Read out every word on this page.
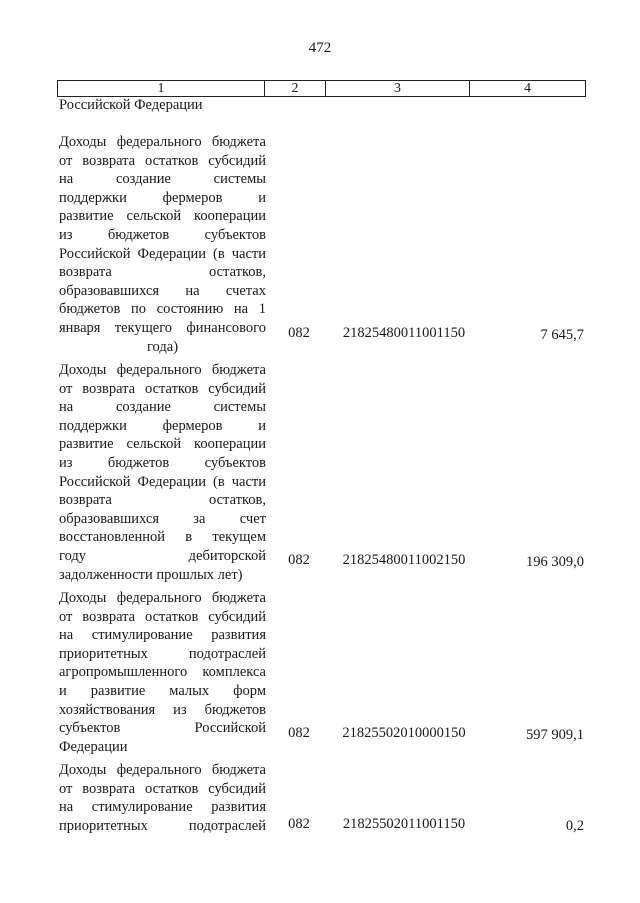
472
1	2	3	4
Российской Федерации
Доходы федерального бюджета
от возврата остатков субсидий
на создание системы
поддержки фермеров и
развитие сельской кооперации
из бюджетов субъектов
Российской Федерации (в части
возврата остатков,
образовавшихся на счетах
бюджетов по состоянию на 1
января текущего финансового
года)
082	21825480011001150	7 645,7
Доходы федерального бюджета
от возврата остатков субсидий
на создание системы
поддержки фермеров и
развитие сельской кооперации
из бюджетов субъектов
Российской Федерации (в части
возврата остатков,
образовавшихся за счет
восстановленной в текущем
году дебиторской
задолженности прошлых лет)
082	21825480011002150	196 309,0
Доходы федерального бюджета
от возврата остатков субсидий
на стимулирование развития
приоритетных подотраслей
агропромышленного комплекса
и развитие малых форм
хозяйствования из бюджетов
субъектов Российской
Федерации
082	21825502010000150	597 909,1
Доходы федерального бюджета
от возврата остатков субсидий
на стимулирование развития
приоритетных подотраслей	082	21825502011001150	0,2
